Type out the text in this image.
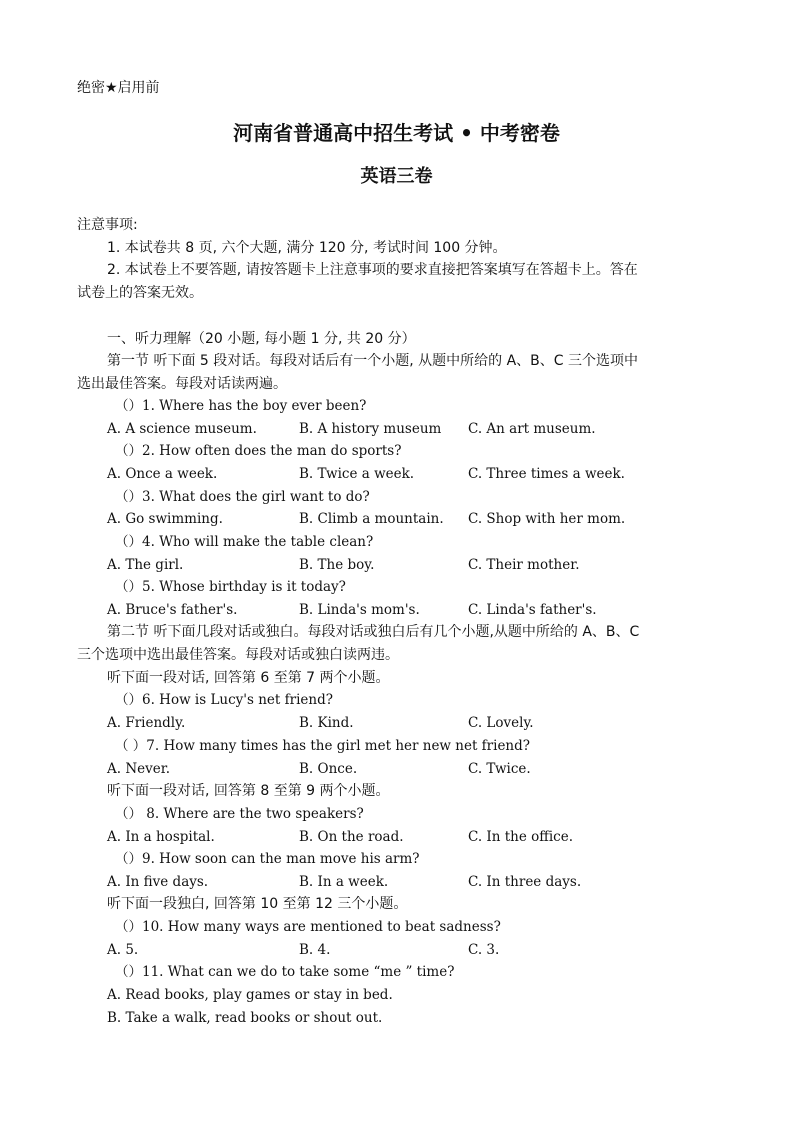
绝密★启用前
河南省普通高中招生考试 • 中考密卷
英语三卷
注意事项:
1. 本试卷共 8 页, 六个大题, 满分 120 分, 考试时间 100 分钟。
2. 本试卷上不要答题, 请按答题卡上注意事项的要求直接把答案填写在答超卡上。答在
试卷上的答案无效。
一、听力理解（20 小题, 每小题 1 分, 共 20 分）
第一节 听下面 5 段对话。每段对话后有一个小题, 从题中所给的 A、B、C 三个选项中
选出最佳答案。每段对话读两遍。
（）1. Where has the boy ever been?
A. A science museum.	B. A history museum C. An art museum.
（）2. How often does the man do sports?
A. Once a week.	B. Twice a week.	C. Three times a week.
（）3. What does the girl want to do?
A. Go swimming.	B. Climb a mountain. C. Shop with her mom.
（）4. Who will make the table clean?
A. The girl.	B. The boy.	C. Their mother.
（）5. Whose birthday is it today?
A. Bruce's father's.	B. Linda's mom's.	C. Linda's father's.
第二节 听下面几段对话或独白。每段对话或独白后有几个小题,从题中所给的 A、B、C
三个选项中选出最佳答案。每段对话或独白读两违。
听下面一段对话, 回答第 6 至第 7 两个小题。
（）6. How is Lucy's net friend?
A. Friendly.	B. Kind.	C. Lovely.
（ ）7. How many times has the girl met her new net friend?
A. Never.	B. Once.	C. Twice.
听下面一段对话, 回答第 8 至第 9 两个小题。
（） 8. Where are the two speakers?
A. In a hospital.	B. On the road.	C. In the office.
（）9. How soon can the man move his arm?
A. In five days.	B. In a week.	C. In three days.
听下面一段独白, 回答第 10 至第 12 三个小题。
（）10. How many ways are mentioned to beat sadness?
A. 5.	B. 4.	C. 3.
（）11. What can we do to take some “me ” time?
A. Read books, play games or stay in bed.
B. Take a walk, read books or shout out.
